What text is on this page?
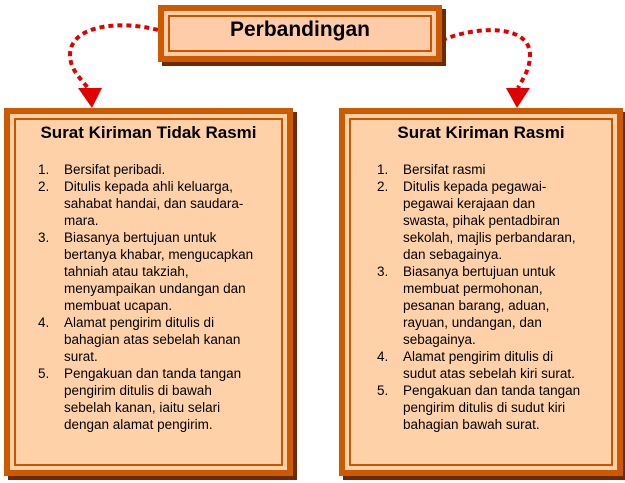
Perbandingan
Surat Kiriman Tidak Rasmi
1. Bersifat peribadi.
2. Ditulis kepada ahli keluarga,
sahabat handai, dan saudara-
mara.
3. Biasanya bertujuan untuk
bertanya khabar, mengucapkan
tahniah atau takziah,
menyampaikan undangan dan
membuat ucapan.
4. Alamat pengirim ditulis di
bahagian atas sebelah kanan
surat.
5. Pengakuan dan tanda tangan
pengirim ditulis di bawah
sebelah kanan, iaitu selari
dengan alamat pengirim.
Surat Kiriman Rasmi
1. Bersifat rasmi
2. Ditulis kepada pegawai-
pegawai kerajaan dan
swasta, pihak pentadbiran
sekolah, majlis perbandaran,
dan sebagainya.
3. Biasanya bertujuan untuk
membuat permohonan,
pesanan barang, aduan,
rayuan, undangan, dan
sebagainya.
4. Alamat pengirim ditulis di
sudut atas sebelah kiri surat.
5. Pengakuan dan tanda tangan
pengirim ditulis di sudut kiri
bahagian bawah surat.
